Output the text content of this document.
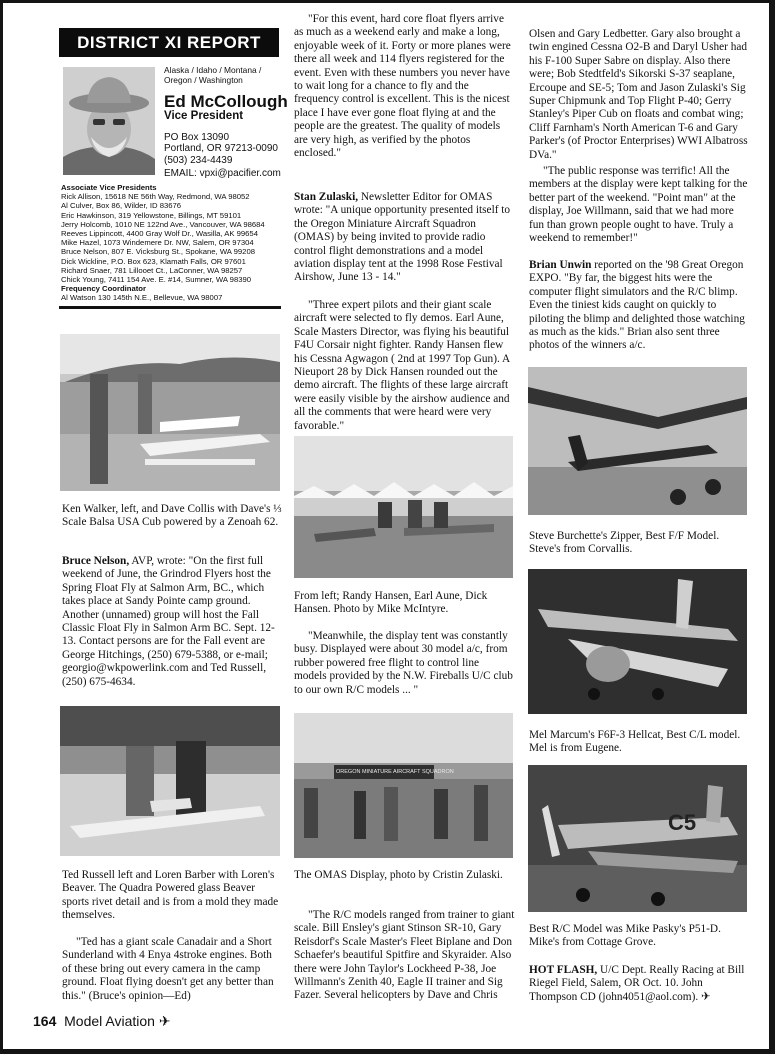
DISTRICT XI REPORT
Alaska / Idaho / Montana / Oregon / Washington
Ed McCollough
Vice President
PO Box 13090
Portland, OR 97213-0090
(503) 234-4439
EMAIL: vpxi@pacifier.com
Associate Vice Presidents
Rick Allison, 15618 NE 56th Way, Redmond, WA 98052
Al Culver, Box 86, Wilder, ID 83676
Eric Hawkinson, 319 Yellowstone, Billings, MT 59101
Jerry Holcomb, 1010 NE 122nd Ave., Vancouver, WA 98684
Reeves Lippincott, 4400 Gray Wolf Dr., Wasilla, AK 99654
Mike Hazel, 1073 Windemere Dr. NW, Salem, OR 97304
Bruce Nelson, 807 E. Vicksburg St., Spokane, WA 99208
Dick Wickline, P.O. Box 623, Klamath Falls, OR 97601
Richard Snaer, 781 Lillooet Ct., LaConner, WA 98257
Chick Young, 7411 154 Ave. E. #14, Sumner, WA 98390
Frequency Coordinator
Al Watson 130 145th N.E., Bellevue, WA 98007
Ken Walker, left, and Dave Collis with Dave's ⅓ Scale Balsa USA Cub powered by a Zenoah 62.

Bruce Nelson, AVP, wrote: "On the first full weekend of June, the Grindrod Flyers host the Spring Float Fly at Salmon Arm, BC., which takes place at Sandy Pointe camp ground. Another (unnamed) group will host the Fall Classic Float Fly in Salmon Arm BC. Sept. 12-13. Contact persons are for the Fall event are George Hitchings, (250) 679-5388, or e-mail; georgio@wkpowerlink.com and Ted Russell, (250) 675-4634.

Ted Russell left and Loren Barber with Loren's Beaver. The Quadra Powered glass Beaver sports rivet detail and is from a mold they made themselves.

"Ted has a giant scale Canadair and a Short Sunderland with 4 Enya 4stroke engines. Both of these bring out every camera in the camp ground. Float flying doesn't get any better than this." (Bruce's opinion—Ed)

164 Model Aviation ✈

"For this event, hard core float flyers arrive as much as a weekend early and make a long, enjoyable week of it. Forty or more planes were there all week and 114 flyers registered for the event. Even with these numbers you never have to wait long for a chance to fly and the frequency control is excellent. This is the nicest place I have ever gone float flying at and the people are the greatest. The quality of models are very high, as verified by the photos enclosed."

Stan Zulaski, Newsletter Editor for OMAS wrote: "A unique opportunity presented itself to the Oregon Miniature Aircraft Squadron (OMAS) by being invited to provide radio control flight demonstrations and a model aviation display tent at the 1998 Rose Festival Airshow, June 13 - 14."

"Three expert pilots and their giant scale aircraft were selected to fly demos. Earl Aune, Scale Masters Director, was flying his beautiful F4U Corsair night fighter. Randy Hansen flew his Cessna Agwagon ( 2nd at 1997 Top Gun). A Nieuport 28 by Dick Hansen rounded out the demo aircraft. The flights of these large aircraft were easily visible by the airshow audience and all the comments that were heard were very favorable."

From left; Randy Hansen, Earl Aune, Dick Hansen. Photo by Mike McIntyre.

"Meanwhile, the display tent was constantly busy. Displayed were about 30 model a/c, from rubber powered free flight to control line models provided by the N.W. Fireballs U/C club to our own R/C models ... "

OREGON MINIATURE AIRCRAFT SQUADRON
The OMAS Display, photo by Cristin Zulaski.

"The R/C models ranged from trainer to giant scale. Bill Ensley's giant Stinson SR-10, Gary Reisdorf's Scale Master's Fleet Biplane and Don Schaefer's beautiful Spitfire and Skyraider. Also there were John Taylor's Lockheed P-38, Joe Willmann's Zenith 40, Eagle II trainer and Sig Fazer. Several helicopters by Dave and Chris

Olsen and Gary Ledbetter. Gary also brought a twin engined Cessna O2-B and Daryl Usher had his F-100 Super Sabre on display. Also there were; Bob Stedtfeld's Sikorski S-37 seaplane, Ercoupe and SE-5; Tom and Jason Zulaski's Sig Super Chipmunk and Top Flight P-40; Gerry Stanley's Piper Cub on floats and combat wing; Cliff Farnham's North American T-6 and Gary Parker's (of Proctor Enterprises) WWI Albatross DVa."

"The public response was terrific! All the members at the display were kept talking for the better part of the weekend. "Point man" at the display, Joe Willmann, said that we had more fun than grown people ought to have. Truly a weekend to remember!"

Brian Unwin reported on the '98 Great Oregon EXPO. "By far, the biggest hits were the computer flight simulators and the R/C blimp. Even the tiniest kids caught on quickly to piloting the blimp and delighted those watching as much as the kids." Brian also sent three photos of the winners a/c.

Steve Burchette's Zipper, Best F/F Model. Steve's from Corvallis.
Mel Marcum's F6F-3 Hellcat, Best C/L model. Mel is from Eugene.
C5
Best R/C Model was Mike Pasky's P51-D. Mike's from Cottage Grove.

HOT FLASH, U/C Dept. Really Racing at Bill Riegel Field, Salem, OR Oct. 10. John Thompson CD (john4051@aol.com). ✈
